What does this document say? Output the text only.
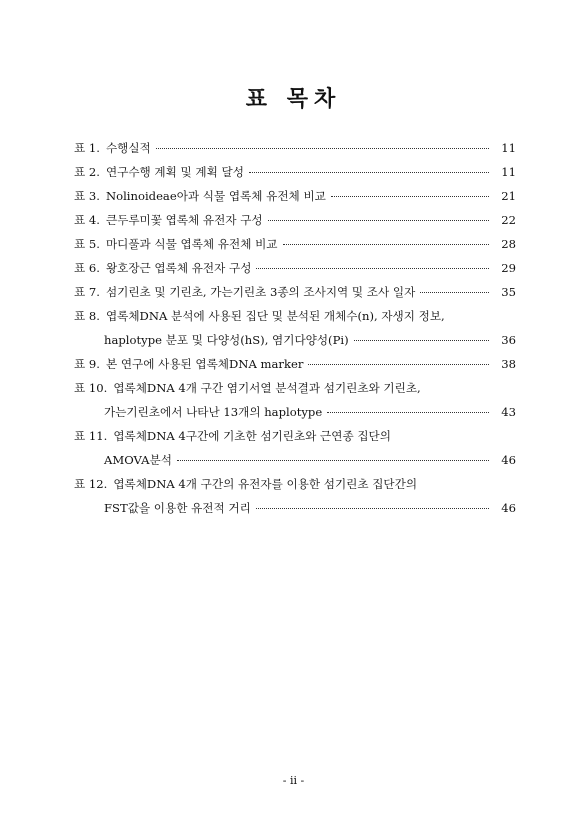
표 목차
표 1. 수행실적	11
표 2. 연구수행 계획 및 계획 달성	11
표 3. Nolinoideae아과 식물 엽록체 유전체 비교	21
표 4. 큰두루미꽃 엽록체 유전자 구성	22
표 5. 마디풀과 식물 엽록체 유전체 비교	28
표 6. 왕호장근 엽록체 유전자 구성	29
표 7. 섬기린초 및 기린초, 가는기린초 3종의 조사지역 및 조사 일자	35
표 8. 엽록체DNA 분석에 사용된 집단 및 분석된 개체수(n), 자생지 정보,
haplotype 분포 및 다양성(hS), 염기다양성(Pi)	36
표 9. 본 연구에 사용된 엽록체DNA marker	38
표 10. 엽록체DNA 4개 구간 염기서열 분석결과 섬기린초와 기린초,
가는기린초에서 나타난 13개의 haplotype	43
표 11. 엽록체DNA 4구간에 기초한 섬기린초와 근연종 집단의
AMOVA분석	46
표 12. 엽록체DNA 4개 구간의 유전자를 이용한 섬기린초 집단간의
FST값을 이용한 유전적 거리	46
- ii -
